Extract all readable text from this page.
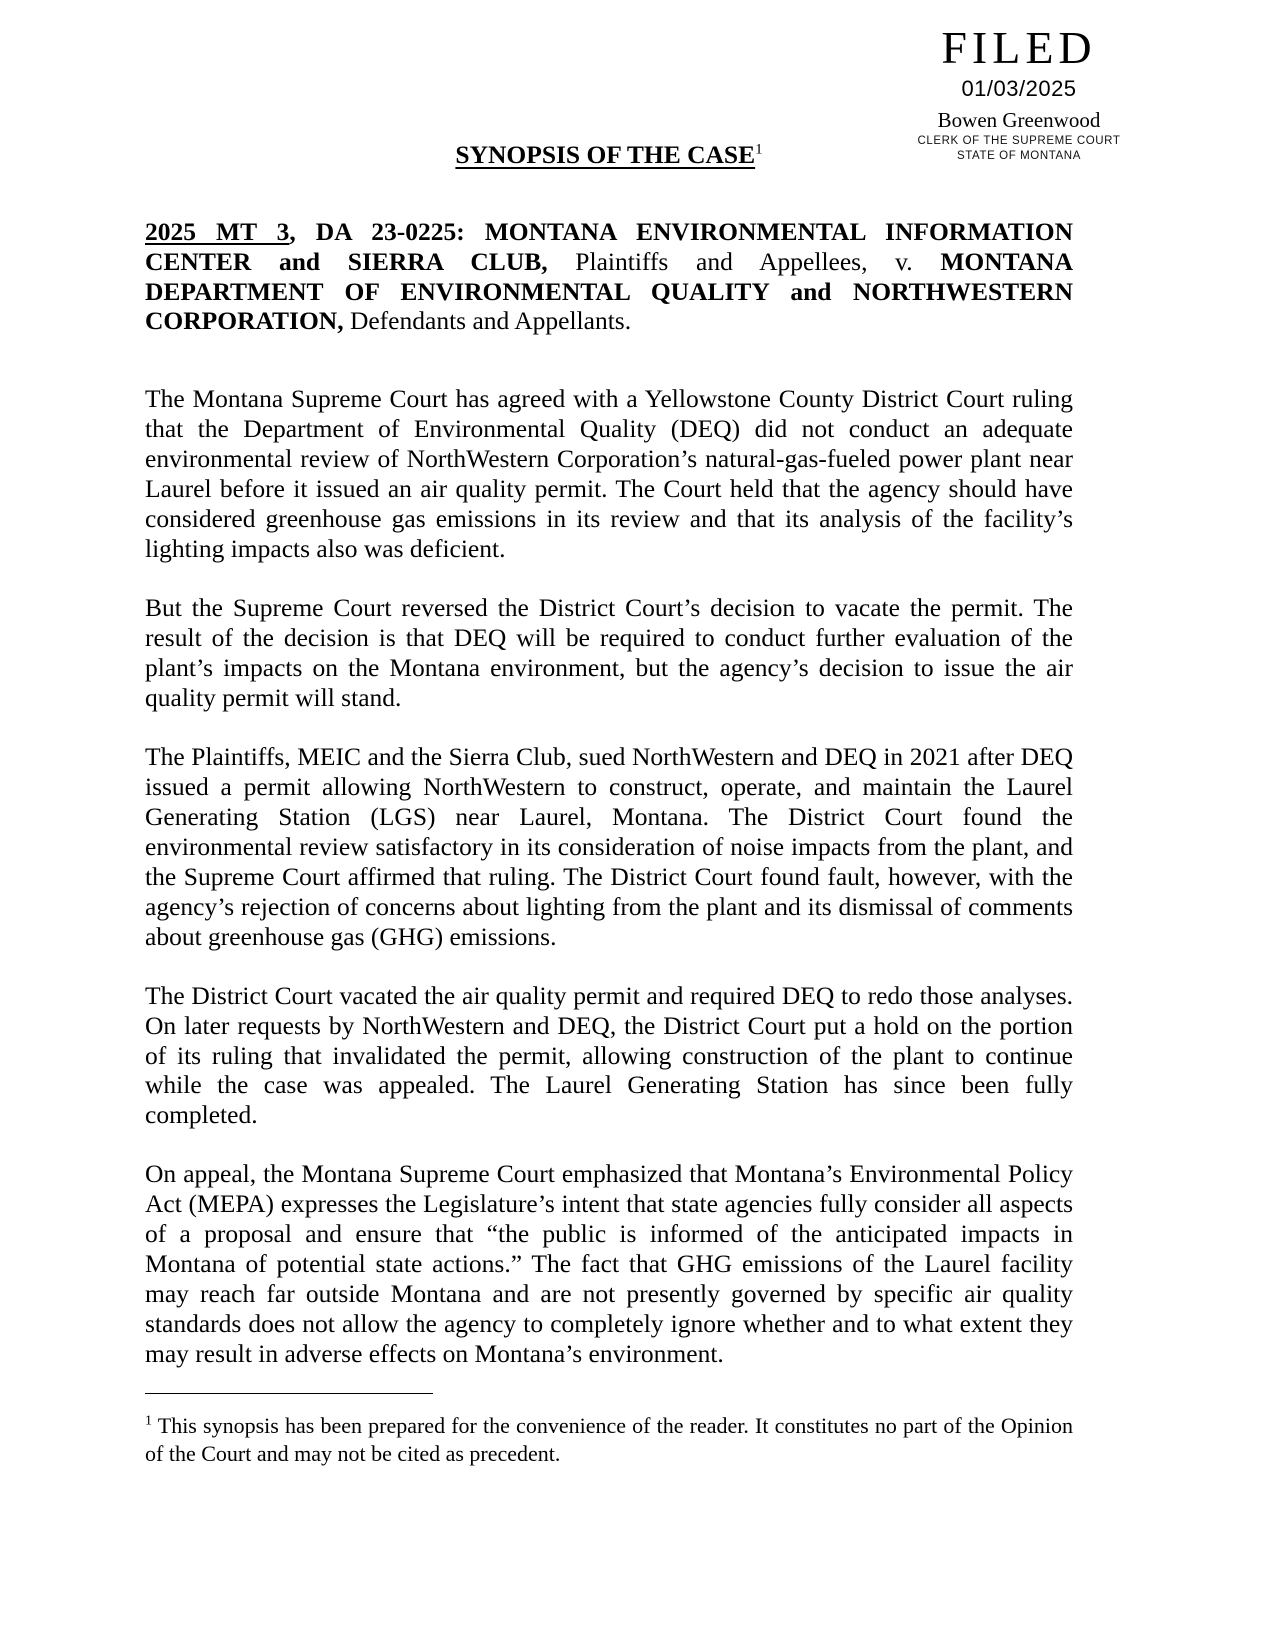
FILED
01/03/2025
Bowen Greenwood
CLERK OF THE SUPREME COURT
STATE OF MONTANA
SYNOPSIS OF THE CASE$^1$
2025 MT 3, DA 23-0225: MONTANA ENVIRONMENTAL INFORMATION CENTER and SIERRA CLUB, Plaintiffs and Appellees, v. MONTANA DEPARTMENT OF ENVIRONMENTAL QUALITY and NORTHWESTERN CORPORATION, Defendants and Appellants.

The Montana Supreme Court has agreed with a Yellowstone County District Court ruling that the Department of Environmental Quality (DEQ) did not conduct an adequate environmental review of NorthWestern Corporation’s natural-gas-fueled power plant near Laurel before it issued an air quality permit. The Court held that the agency should have considered greenhouse gas emissions in its review and that its analysis of the facility’s lighting impacts also was deficient.

But the Supreme Court reversed the District Court’s decision to vacate the permit. The result of the decision is that DEQ will be required to conduct further evaluation of the plant’s impacts on the Montana environment, but the agency’s decision to issue the air quality permit will stand.

The Plaintiffs, MEIC and the Sierra Club, sued NorthWestern and DEQ in 2021 after DEQ issued a permit allowing NorthWestern to construct, operate, and maintain the Laurel Generating Station (LGS) near Laurel, Montana. The District Court found the environmental review satisfactory in its consideration of noise impacts from the plant, and the Supreme Court affirmed that ruling. The District Court found fault, however, with the agency’s rejection of concerns about lighting from the plant and its dismissal of comments about greenhouse gas (GHG) emissions.

The District Court vacated the air quality permit and required DEQ to redo those analyses. On later requests by NorthWestern and DEQ, the District Court put a hold on the portion of its ruling that invalidated the permit, allowing construction of the plant to continue while the case was appealed. The Laurel Generating Station has since been fully completed.

On appeal, the Montana Supreme Court emphasized that Montana’s Environmental Policy Act (MEPA) expresses the Legislature’s intent that state agencies fully consider all aspects of a proposal and ensure that “the public is informed of the anticipated impacts in Montana of potential state actions.” The fact that GHG emissions of the Laurel facility may reach far outside Montana and are not presently governed by specific air quality standards does not allow the agency to completely ignore whether and to what extent they may result in adverse effects on Montana’s environment.

$^1$ This synopsis has been prepared for the convenience of the reader. It constitutes no part of the Opinion of the Court and may not be cited as precedent.
